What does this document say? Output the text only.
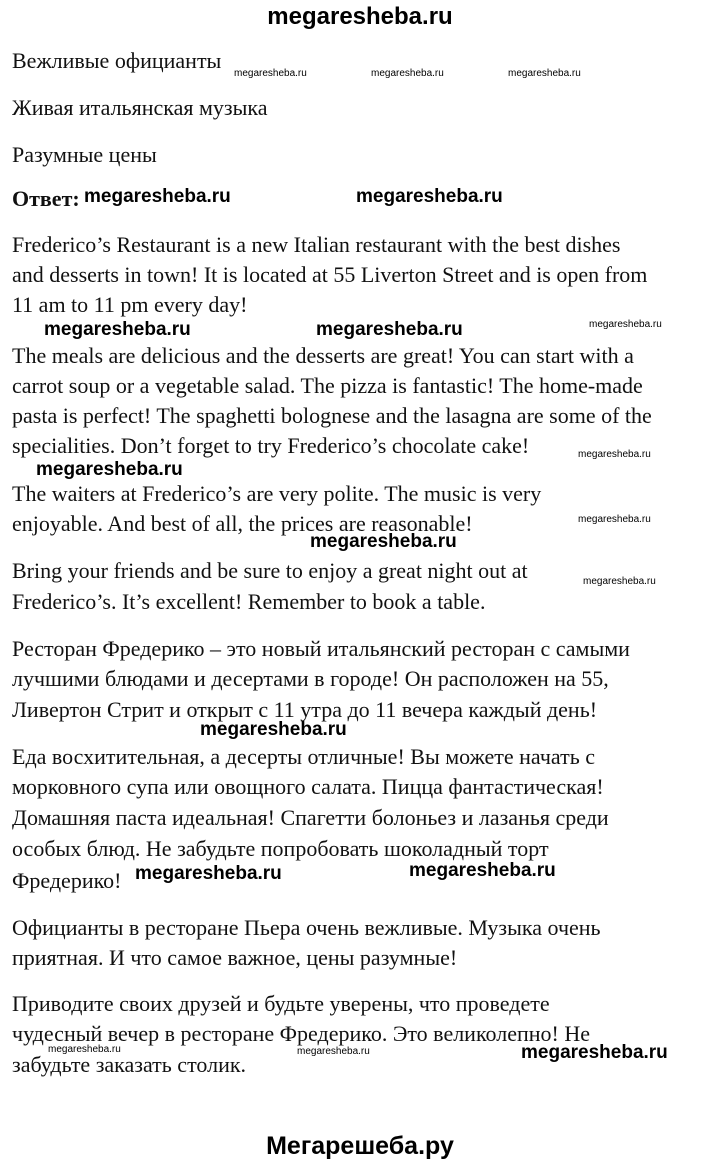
megaresheba.ru
Вежливые официанты
Живая итальянская музыка
Разумные цены
Ответ:
Frederico’s Restaurant is a new Italian restaurant with the best dishes
and desserts in town! It is located at 55 Liverton Street and is open from
11 am to 11 pm every day!
The meals are delicious and the desserts are great! You can start with a
carrot soup or a vegetable salad. The pizza is fantastic! The home-made
pasta is perfect! The spaghetti bolognese and the lasagna are some of the
specialities. Don’t forget to try Frederico’s chocolate cake!
The waiters at Frederico’s are very polite. The music is very
enjoyable. And best of all, the prices are reasonable!
Bring your friends and be sure to enjoy a great night out at
Frederico’s. It’s excellent! Remember to book a table.
Ресторан Фредерико – это новый итальянский ресторан с самыми
лучшими блюдами и десертами в городе! Он расположен на 55,
Ливертон Стрит и открыт с 11 утра до 11 вечера каждый день!
Еда восхитительная, а десерты отличные! Вы можете начать с
морковного супа или овощного салата. Пицца фантастическая!
Домашняя паста идеальная! Спагетти болоньез и лазанья среди
особых блюд. Не забудьте попробовать шоколадный торт
Фредерико!
Официанты в ресторане Пьера очень вежливые. Музыка очень
приятная. И что самое важное, цены разумные!
Приводите своих друзей и будьте уверены, что проведете
чудесный вечер в ресторане Фредерико. Это великолепно! Не
забудьте заказать столик.
megaresheba.ru	megaresheba.ru	megaresheba.ru
megaresheba.ru	megaresheba.ru
megaresheba.ru	megaresheba.ru	megaresheba.ru
megaresheba.ru
megaresheba.ru
megaresheba.ru
megaresheba.ru
megaresheba.ru
megaresheba.ru
megaresheba.ru	megaresheba.ru
megaresheba.ru	megaresheba.ru	megaresheba.ru
Мегарешеба.ру
